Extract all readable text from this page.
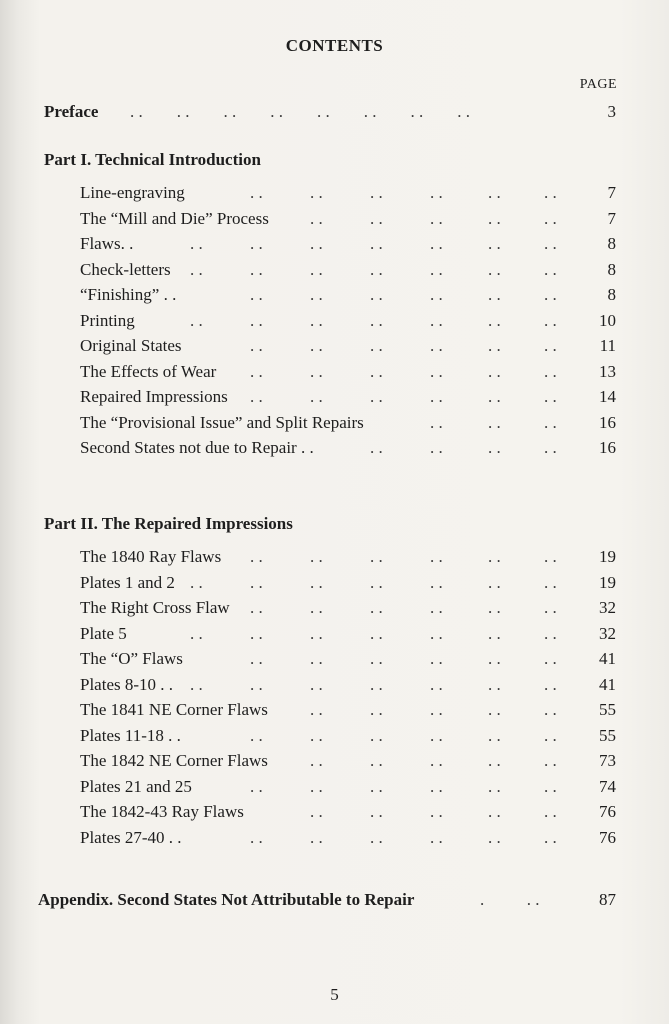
CONTENTS
PAGE
Preface . .        . .        . .        . .        . .        . .        . .        . .	3
Part I. Technical Introduction
Line-engraving	. .	. .	. .	. .	. .	. .	7
The “Mill and Die” Process . .	. .	. .	. .	. .	7
Flaws. .	. .	. .	. .	. .	. .	. .	. .	8
Check-letters . .	. .	. .	. .	. .	. .	. .	8
“Finishing” . .	. .	. .	. .	. .	. .	. .	8
Printing	. .	. .	. .	. .	. .	. .	. . 10
Original States	. .	. .	. .	. .	. .	. .	11
The Effects of Wear . .	. .	. .	. .	. .	. . 13
Repaired Impressions . .	. .	. .	. .	. .	. . 14
The “Provisional Issue” and Split Repairs	. .	. .	. . 16
Second States not due to Repair . .	. .	. .	. .	. . 16
Part II. The Repaired Impressions
The 1840 Ray Flaws . .	. .	. .	. .	. .	. . 19
Plates 1 and 2 . .	. .	. .	. .	. .	. .	. . 19
The Right Cross Flaw . .	. .	. .	. .	. .	. . 32
Plate 5	. .	. .	. .	. .	. .	. .	. . 32
The “O” Flaws	. .	. .	. .	. .	. .	. . 41
Plates 8-10 . . . .	. .	. .	. .	. .	. .	. . 41
The 1841 NE Corner Flaws . .	. .	. .	. .	. . 55
Plates 11-18 . .	. .	. .	. .	. .	. .	. . 55
The 1842 NE Corner Flaws . .	. .	. .	. .	. . 73
Plates 21 and 25	. .	. .	. .	. .	. .	. . 74
The 1842-43 Ray Flaws	. .	. .	. .	. .	. . 76
Plates 27-40 . .	. .	. .	. .	. .	. .	. . 76
Appendix. Second States Not Attributable to Repair	.          . .	87
5
